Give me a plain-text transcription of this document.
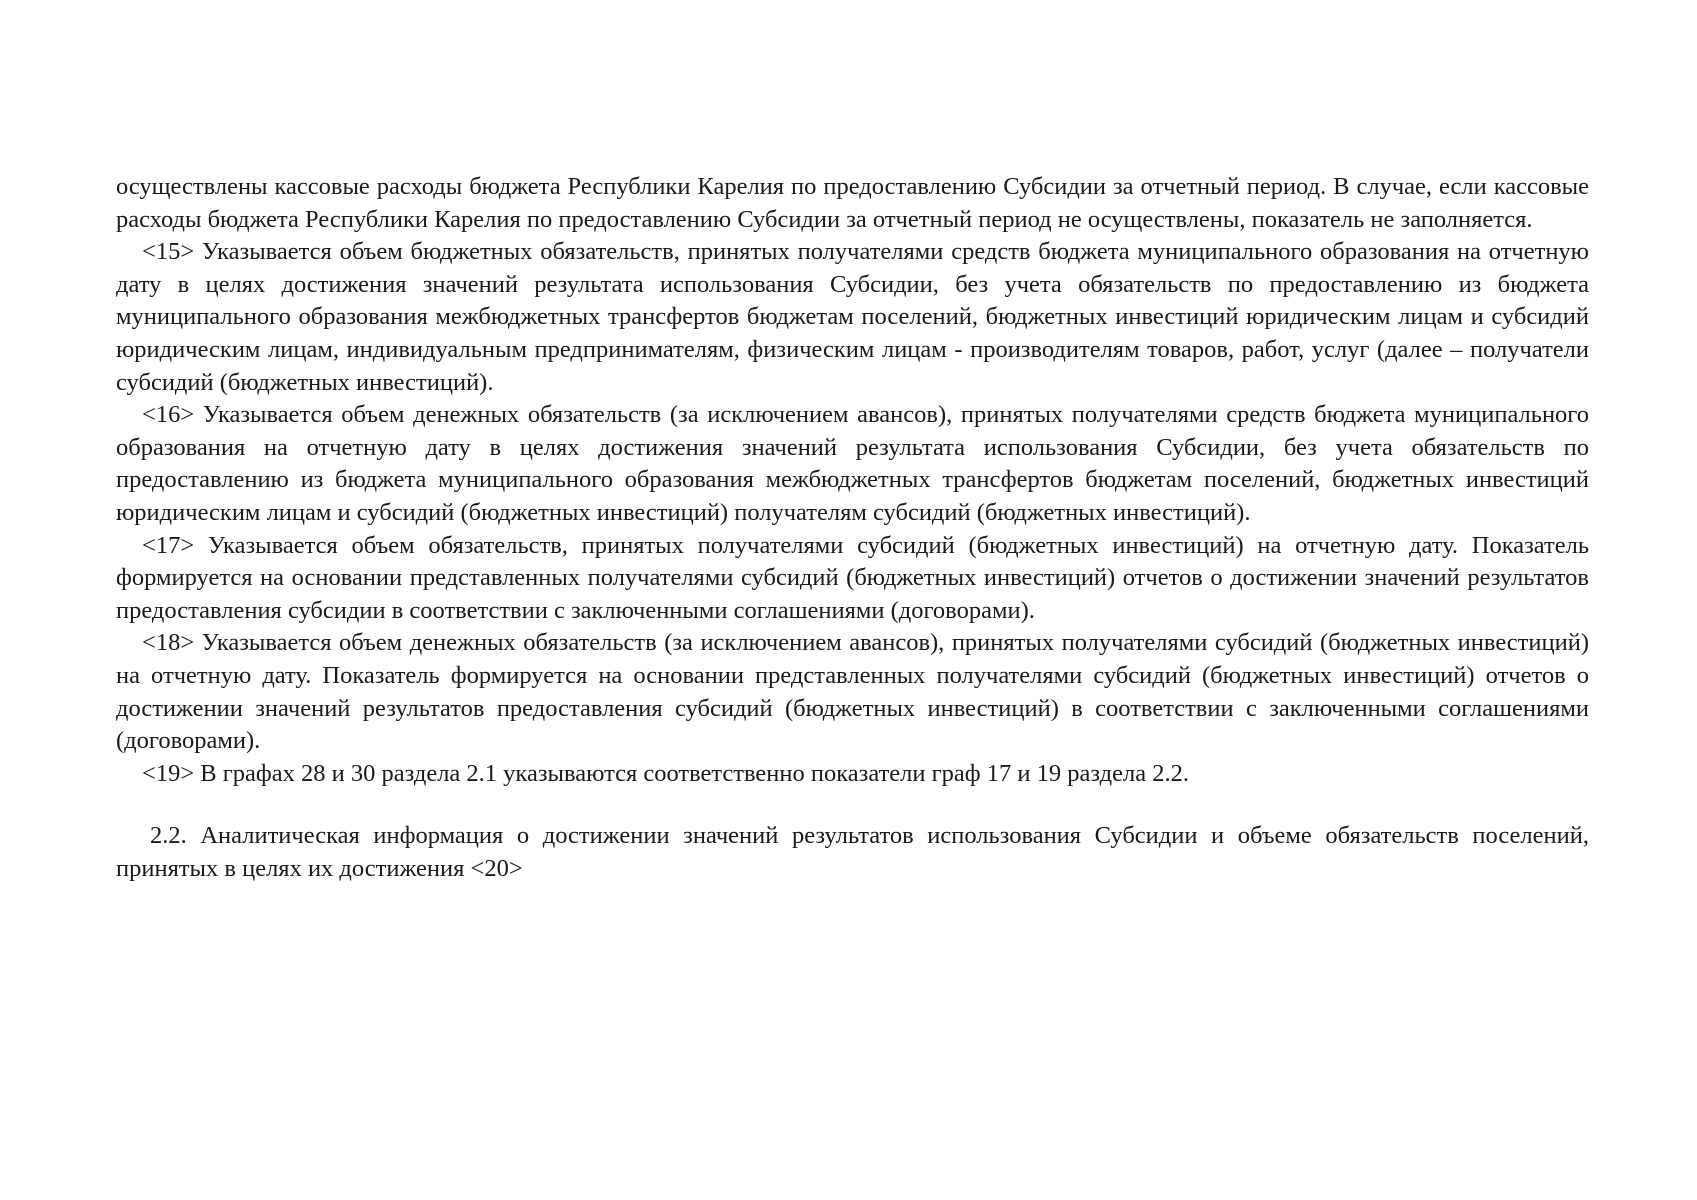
осуществлены кассовые расходы бюджета Республики Карелия по предоставлению Субсидии за отчетный период. В случае, если кассовые расходы бюджета Республики Карелия по предоставлению Субсидии за отчетный период не осуществлены, показатель не заполняется.

<15> Указывается объем бюджетных обязательств, принятых получателями средств бюджета муниципального образования на отчетную дату в целях достижения значений результата использования Субсидии, без учета обязательств по предоставлению из бюджета муниципального образования межбюджетных трансфертов бюджетам поселений, бюджетных инвестиций юридическим лицам и субсидий юридическим лицам, индивидуальным предпринимателям, физическим лицам - производителям товаров, работ, услуг (далее – получатели субсидий (бюджетных инвестиций).

<16> Указывается объем денежных обязательств (за исключением авансов), принятых получателями средств бюджета муниципального образования на отчетную дату в целях достижения значений результата использования Субсидии, без учета обязательств по предоставлению из бюджета муниципального образования межбюджетных трансфертов бюджетам поселений, бюджетных инвестиций юридическим лицам и субсидий (бюджетных инвестиций) получателям субсидий (бюджетных инвестиций).

<17> Указывается объем обязательств, принятых получателями субсидий (бюджетных инвестиций) на отчетную дату. Показатель формируется на основании представленных получателями субсидий (бюджетных инвестиций) отчетов о достижении значений результатов предоставления субсидии в соответствии с заключенными соглашениями (договорами).

<18> Указывается объем денежных обязательств (за исключением авансов), принятых получателями субсидий (бюджетных инвестиций) на отчетную дату. Показатель формируется на основании представленных получателями субсидий (бюджетных инвестиций) отчетов о достижении значений результатов предоставления субсидий (бюджетных инвестиций) в соответствии с заключенными соглашениями (договорами).

<19> В графах 28 и 30 раздела 2.1 указываются соответственно показатели граф 17 и 19 раздела 2.2.

2.2. Аналитическая информация о достижении значений результатов использования Субсидии и объеме обязательств поселений, принятых в целях их достижения <20>
